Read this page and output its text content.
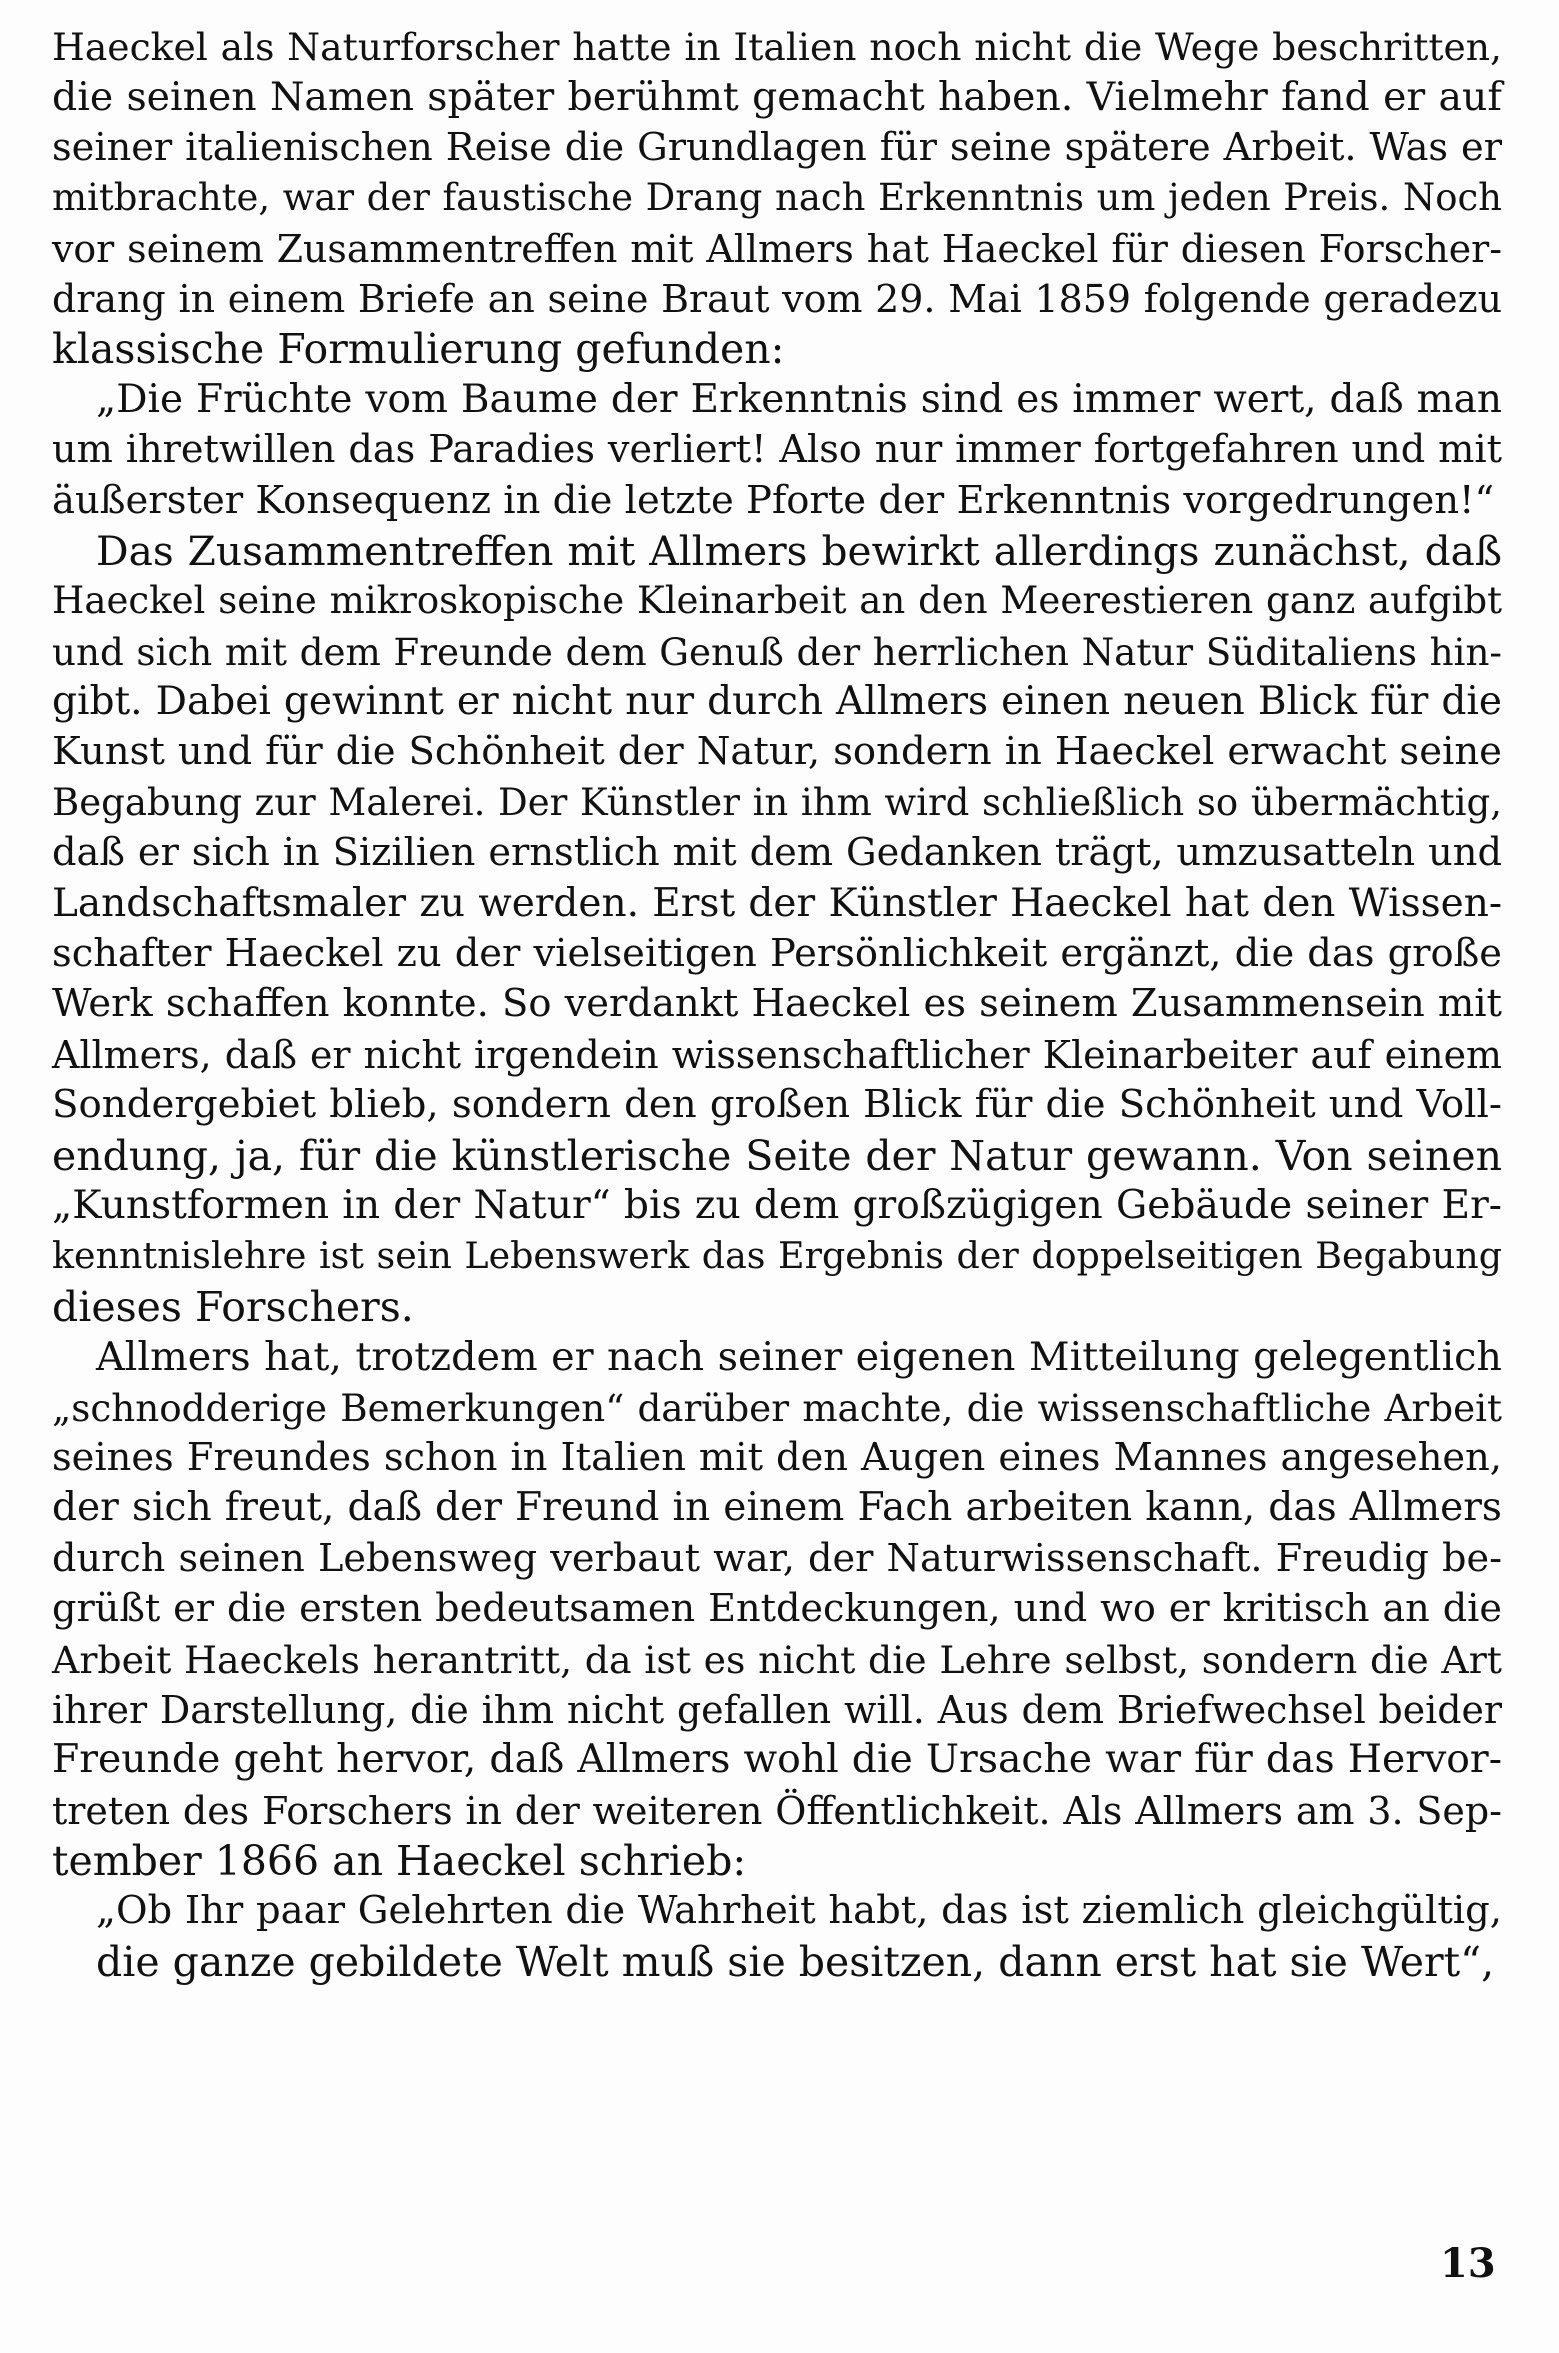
Haeckel als Naturforscher hatte in Italien noch nicht die Wege beschritten,
die seinen Namen später berühmt gemacht haben. Vielmehr fand er auf
seiner italienischen Reise die Grundlagen für seine spätere Arbeit. Was er
mitbrachte, war der faustische Drang nach Erkenntnis um jeden Preis. Noch
vor seinem Zusammentreffen mit Allmers hat Haeckel für diesen Forscher-
drang in einem Briefe an seine Braut vom 29. Mai 1859 folgende geradezu
klassische Formulierung gefunden:
„Die Früchte vom Baume der Erkenntnis sind es immer wert, daß man
um ihretwillen das Paradies verliert! Also nur immer fortgefahren und mit
äußerster Konsequenz in die letzte Pforte der Erkenntnis vorgedrungen!“
Das Zusammentreffen mit Allmers bewirkt allerdings zunächst, daß
Haeckel seine mikroskopische Kleinarbeit an den Meerestieren ganz aufgibt
und sich mit dem Freunde dem Genuß der herrlichen Natur Süditaliens hin-
gibt. Dabei gewinnt er nicht nur durch Allmers einen neuen Blick für die
Kunst und für die Schönheit der Natur, sondern in Haeckel erwacht seine
Begabung zur Malerei. Der Künstler in ihm wird schließlich so übermächtig,
daß er sich in Sizilien ernstlich mit dem Gedanken trägt, umzusatteln und
Landschaftsmaler zu werden. Erst der Künstler Haeckel hat den Wissen-
schafter Haeckel zu der vielseitigen Persönlichkeit ergänzt, die das große
Werk schaffen konnte. So verdankt Haeckel es seinem Zusammensein mit
Allmers, daß er nicht irgendein wissenschaftlicher Kleinarbeiter auf einem
Sondergebiet blieb, sondern den großen Blick für die Schönheit und Voll-
endung, ja, für die künstlerische Seite der Natur gewann. Von seinen
„Kunstformen in der Natur“ bis zu dem großzügigen Gebäude seiner Er-
kenntnislehre ist sein Lebenswerk das Ergebnis der doppelseitigen Begabung
dieses Forschers.
Allmers hat, trotzdem er nach seiner eigenen Mitteilung gelegentlich
„schnodderige Bemerkungen“ darüber machte, die wissenschaftliche Arbeit
seines Freundes schon in Italien mit den Augen eines Mannes angesehen,
der sich freut, daß der Freund in einem Fach arbeiten kann, das Allmers
durch seinen Lebensweg verbaut war, der Naturwissenschaft. Freudig be-
grüßt er die ersten bedeutsamen Entdeckungen, und wo er kritisch an die
Arbeit Haeckels herantritt, da ist es nicht die Lehre selbst, sondern die Art
ihrer Darstellung, die ihm nicht gefallen will. Aus dem Briefwechsel beider
Freunde geht hervor, daß Allmers wohl die Ursache war für das Hervor-
treten des Forschers in der weiteren Öffentlichkeit. Als Allmers am 3. Sep-
tember 1866 an Haeckel schrieb:
„Ob Ihr paar Gelehrten die Wahrheit habt, das ist ziemlich gleichgültig,
die ganze gebildete Welt muß sie besitzen, dann erst hat sie Wert“,
13
